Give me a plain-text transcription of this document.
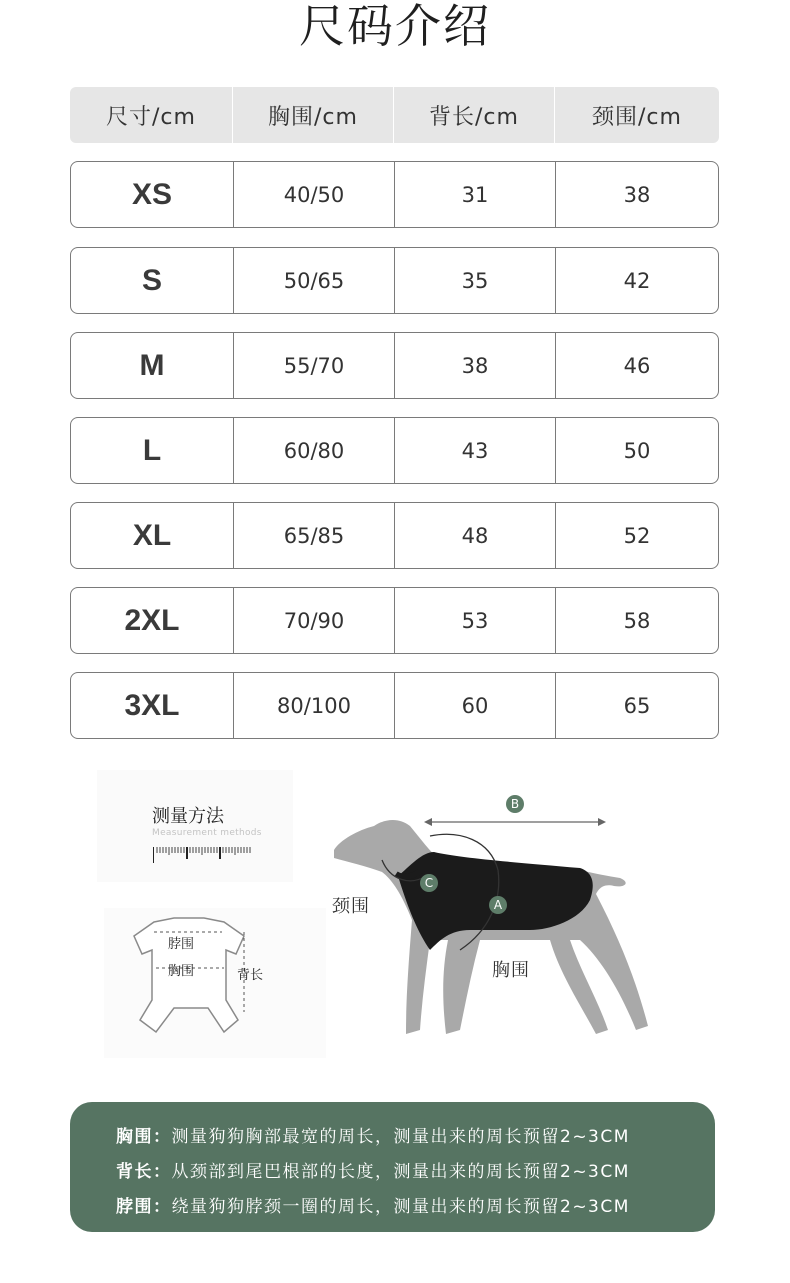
尺码介绍
尺寸/cm	胸围/cm	背长/cm	颈围/cm
XS	40/50	31	38
S	50/65	35	42
M	55/70	38	46
L	60/80	43	50
XL	65/85	48	52
2XL	70/90	53	58
3XL	80/100	60	65
测量方法
Measurement methods
脖围
胸围	背长
B
A
C
颈围
胸围
胸围：测量狗狗胸部最宽的周长，测量出来的周长预留2~3CM
背长：从颈部到尾巴根部的长度，测量出来的周长预留2~3CM
脖围：绕量狗狗脖颈一圈的周长，测量出来的周长预留2~3CM
